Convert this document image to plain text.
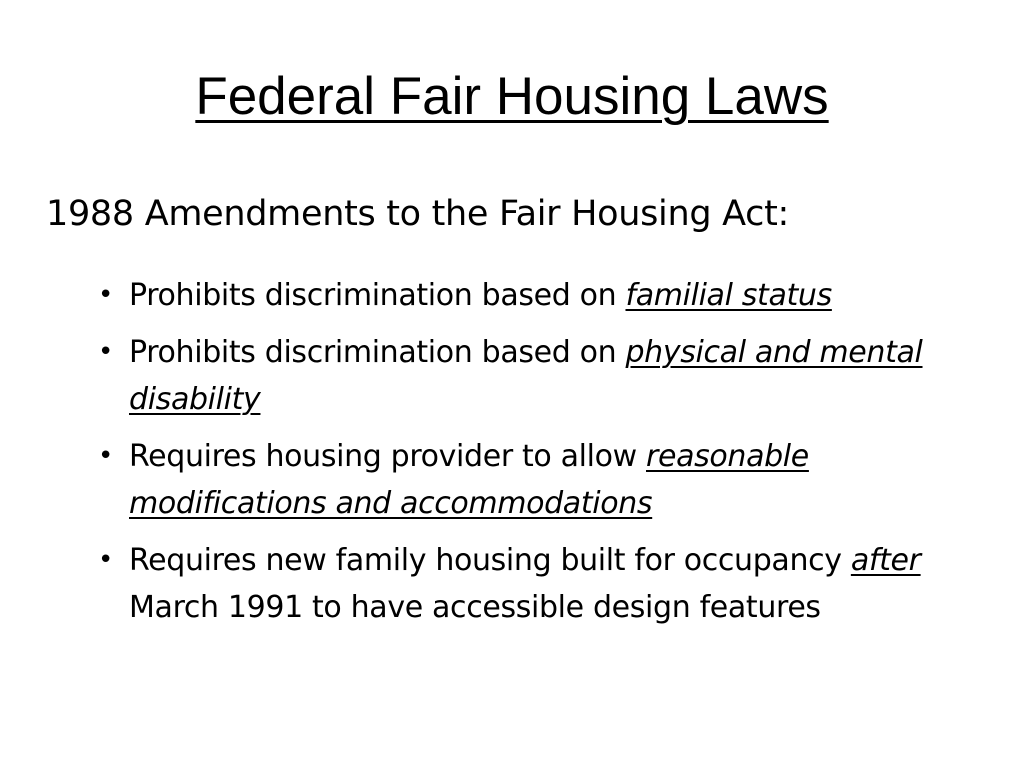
Federal Fair Housing Laws

1988 Amendments to the Fair Housing Act:

• Prohibits discrimination based on familial status
• Prohibits discrimination based on physical and mental disability
• Requires housing provider to allow reasonable modifications and accommodations
• Requires new family housing built for occupancy after March 1991 to have accessible design features
